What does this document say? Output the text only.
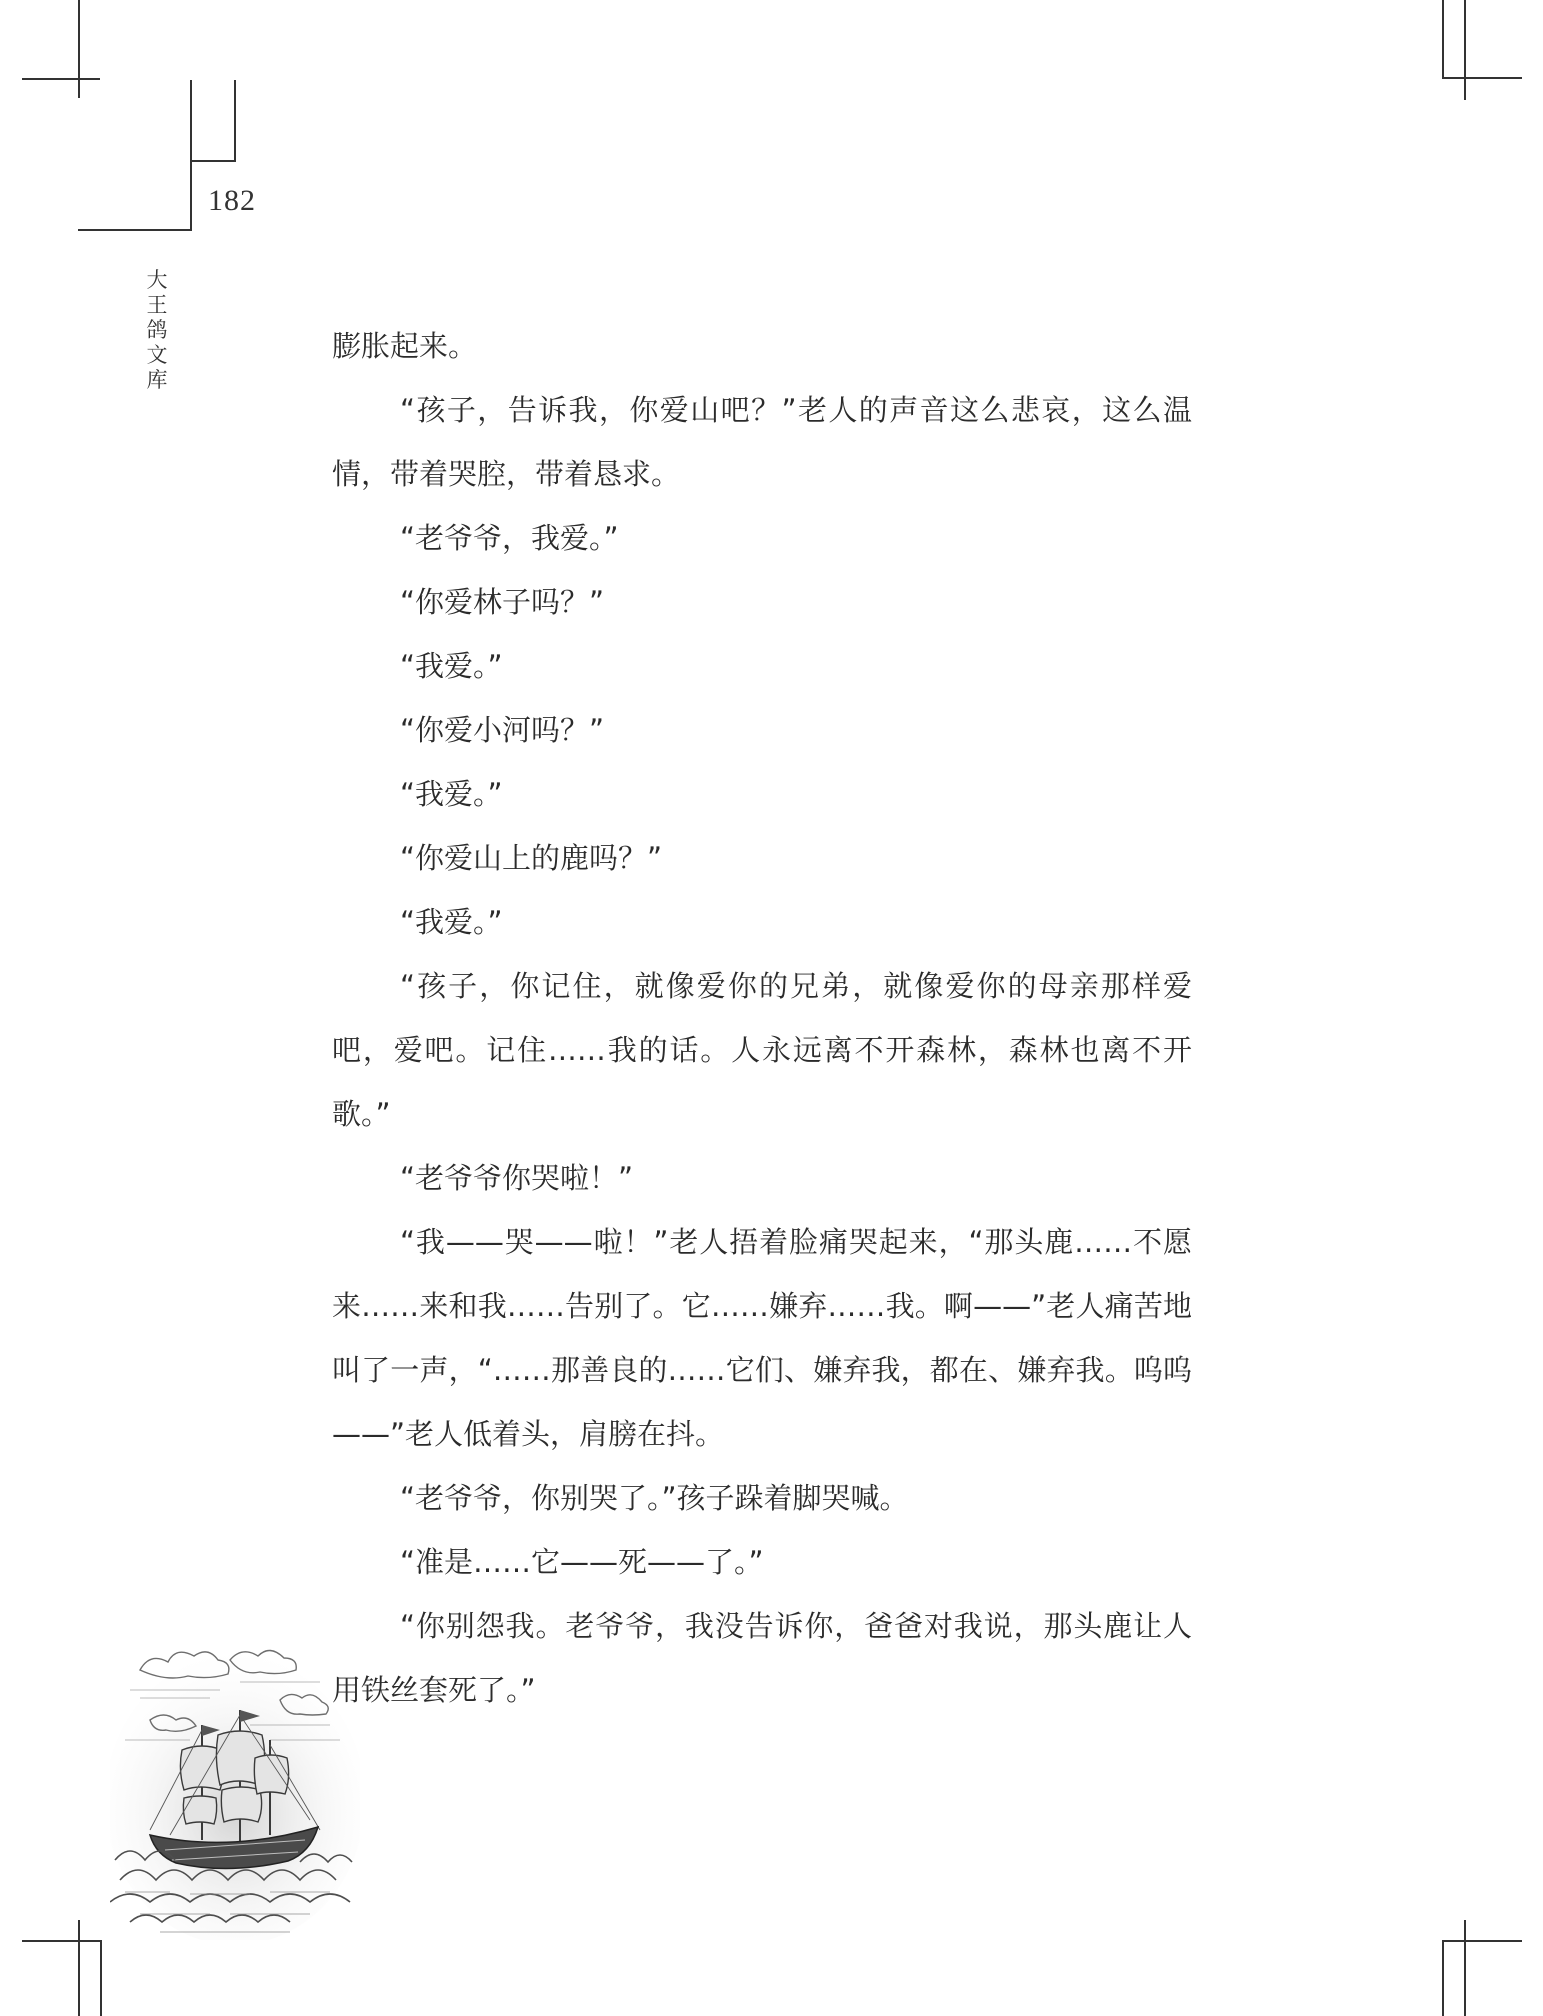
182
大王鸽文库

膨胀起来。

“孩子，告诉我，你爱山吧？”老人的声音这么悲哀，这么温情，带着哭腔，带着恳求。

“老爷爷，我爱。”

“你爱林子吗？”

“我爱。”

“你爱小河吗？”

“我爱。”

“你爱山上的鹿吗？”

“我爱。”

“孩子，你记住，就像爱你的兄弟，就像爱你的母亲那样爱吧，爱吧。记住……我的话。人永远离不开森林，森林也离不开歌。”

“老爷爷你哭啦！”

“我——哭——啦！”老人捂着脸痛哭起来，“那头鹿……不愿来……来和我……告别了。它……嫌弃……我。啊——”老人痛苦地叫了一声，“……那善良的……它们、嫌弃我，都在、嫌弃我。呜呜——”老人低着头，肩膀在抖。

“老爷爷，你别哭了。”孩子跺着脚哭喊。

“准是……它——死——了。”

“你别怨我。老爷爷，我没告诉你，爸爸对我说，那头鹿让人用铁丝套死了。”
